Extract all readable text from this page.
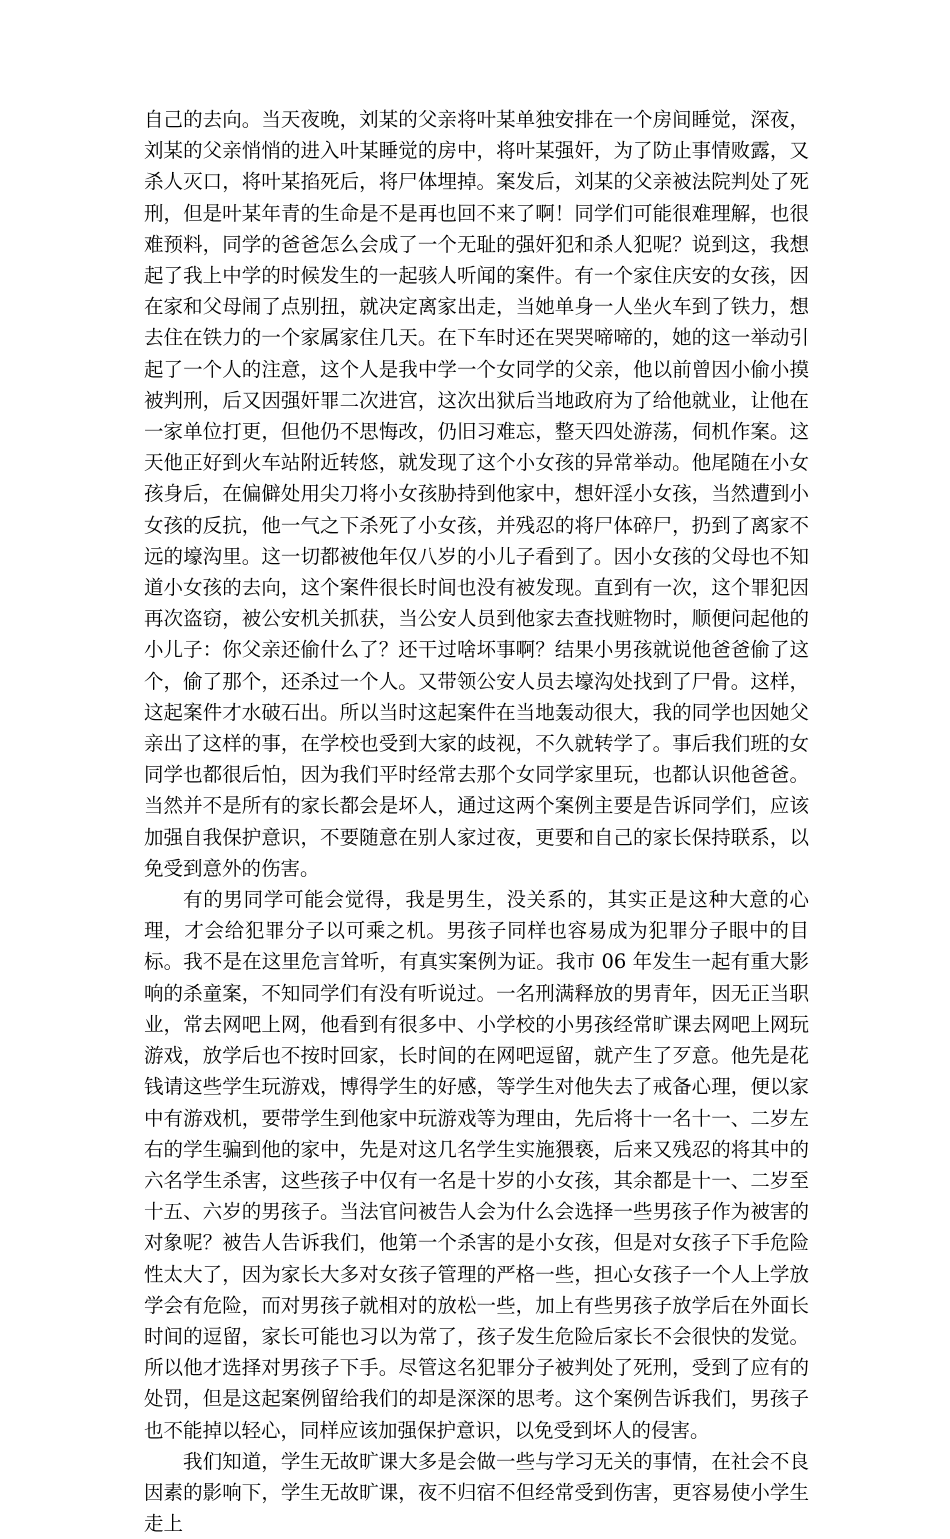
自己的去向。当天夜晚，刘某的父亲将叶某单独安排在一个房间睡觉，深夜，刘某的父亲悄悄的进入叶某睡觉的房中，将叶某强奸，为了防止事情败露，又杀人灭口，将叶某掐死后，将尸体埋掉。案发后，刘某的父亲被法院判处了死刑，但是叶某年青的生命是不是再也回不来了啊！同学们可能很难理解，也很难预料，同学的爸爸怎么会成了一个无耻的强奸犯和杀人犯呢？说到这，我想起了我上中学的时候发生的一起骇人听闻的案件。有一个家住庆安的女孩，因在家和父母闹了点别扭，就决定离家出走，当她单身一人坐火车到了铁力，想去住在铁力的一个家属家住几天。在下车时还在哭哭啼啼的，她的这一举动引起了一个人的注意，这个人是我中学一个女同学的父亲，他以前曾因小偷小摸被判刑，后又因强奸罪二次进宫，这次出狱后当地政府为了给他就业，让他在一家单位打更，但他仍不思悔改，仍旧习难忘，整天四处游荡，伺机作案。这天他正好到火车站附近转悠，就发现了这个小女孩的异常举动。他尾随在小女孩身后，在偏僻处用尖刀将小女孩胁持到他家中，想奸淫小女孩，当然遭到小女孩的反抗，他一气之下杀死了小女孩，并残忍的将尸体碎尸，扔到了离家不远的壕沟里。这一切都被他年仅八岁的小儿子看到了。因小女孩的父母也不知道小女孩的去向，这个案件很长时间也没有被发现。直到有一次，这个罪犯因再次盗窃，被公安机关抓获，当公安人员到他家去查找赃物时，顺便问起他的小儿子：你父亲还偷什么了？还干过啥坏事啊？结果小男孩就说他爸爸偷了这个，偷了那个，还杀过一个人。又带领公安人员去壕沟处找到了尸骨。这样，这起案件才水破石出。所以当时这起案件在当地轰动很大，我的同学也因她父亲出了这样的事，在学校也受到大家的歧视，不久就转学了。事后我们班的女同学也都很后怕，因为我们平时经常去那个女同学家里玩，也都认识他爸爸。当然并不是所有的家长都会是坏人，通过这两个案例主要是告诉同学们，应该加强自我保护意识，不要随意在别人家过夜，更要和自己的家长保持联系，以免受到意外的伤害。

有的男同学可能会觉得，我是男生，没关系的，其实正是这种大意的心理，才会给犯罪分子以可乘之机。男孩子同样也容易成为犯罪分子眼中的目标。我不是在这里危言耸听，有真实案例为证。我市 06 年发生一起有重大影响的杀童案，不知同学们有没有听说过。一名刑满释放的男青年，因无正当职业，常去网吧上网，他看到有很多中、小学校的小男孩经常旷课去网吧上网玩游戏，放学后也不按时回家，长时间的在网吧逗留，就产生了歹意。他先是花钱请这些学生玩游戏，博得学生的好感，等学生对他失去了戒备心理，便以家中有游戏机，要带学生到他家中玩游戏等为理由，先后将十一名十一、二岁左右的学生骗到他的家中，先是对这几名学生实施猥亵，后来又残忍的将其中的六名学生杀害，这些孩子中仅有一名是十岁的小女孩，其余都是十一、二岁至十五、六岁的男孩子。当法官问被告人会为什么会选择一些男孩子作为被害的对象呢？被告人告诉我们，他第一个杀害的是小女孩，但是对女孩子下手危险性太大了，因为家长大多对女孩子管理的严格一些，担心女孩子一个人上学放学会有危险，而对男孩子就相对的放松一些，加上有些男孩子放学后在外面长时间的逗留，家长可能也习以为常了，孩子发生危险后家长不会很快的发觉。所以他才选择对男孩子下手。尽管这名犯罪分子被判处了死刑，受到了应有的处罚，但是这起案例留给我们的却是深深的思考。这个案例告诉我们，男孩子也不能掉以轻心，同样应该加强保护意识，以免受到坏人的侵害。

我们知道，学生无故旷课大多是会做一些与学习无关的事情，在社会不良因素的影响下，学生无故旷课，夜不归宿不但经常受到伤害，更容易使小学生走上
